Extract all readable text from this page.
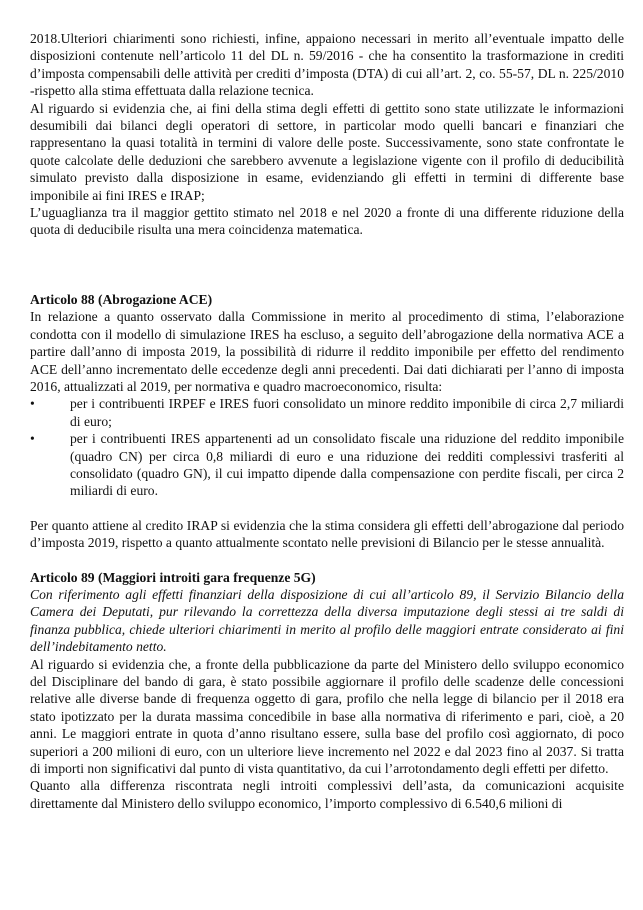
2018.Ulteriori chiarimenti sono richiesti, infine, appaiono necessari in merito all’eventuale impatto delle disposizioni contenute nell’articolo 11 del DL n. 59/2016 - che ha consentito la trasformazione in crediti d’imposta compensabili delle attività per crediti d’imposta (DTA) di cui all’art. 2, co. 55-57, DL n. 225/2010 -rispetto alla stima effettuata dalla relazione tecnica.

Al riguardo si evidenzia che, ai fini della stima degli effetti di gettito sono state utilizzate le informazioni desumibili dai bilanci degli operatori di settore, in particolar modo quelli bancari e finanziari che rappresentano la quasi totalità in termini di valore delle poste. Successivamente, sono state confrontate le quote calcolate delle deduzioni che sarebbero avvenute a legislazione vigente con il profilo di deducibilità simulato previsto dalla disposizione in esame, evidenziando gli effetti in termini di differente base imponibile ai fini IRES e IRAP;

L’uguaglianza tra il maggior gettito stimato nel 2018 e nel 2020 a fronte di una differente riduzione della quota di deducibile risulta una mera coincidenza matematica.

Articolo 88 (Abrogazione ACE)

In relazione a quanto osservato dalla Commissione in merito al procedimento di stima, l’elaborazione condotta con il modello di simulazione IRES ha escluso, a seguito dell’abrogazione della normativa ACE a partire dall’anno di imposta 2019, la possibilità di ridurre il reddito imponibile per effetto del rendimento ACE dell’anno incrementato delle eccedenze degli anni precedenti. Dai dati dichiarati per l’anno di imposta 2016, attualizzati al 2019, per normativa e quadro macroeconomico, risulta:

•	per i contribuenti IRPEF e IRES fuori consolidato un minore reddito imponibile di circa 2,7 miliardi di euro;
•	per i contribuenti IRES appartenenti ad un consolidato fiscale una riduzione del reddito imponibile (quadro CN) per circa 0,8 miliardi di euro e una riduzione dei redditi complessivi trasferiti al consolidato (quadro GN), il cui impatto dipende dalla compensazione con perdite fiscali, per circa 2 miliardi di euro.

Per quanto attiene al credito IRAP si evidenzia che la stima considera gli effetti dell’abrogazione dal periodo d’imposta 2019, rispetto a quanto attualmente scontato nelle previsioni di Bilancio per le stesse annualità.

Articolo 89 (Maggiori introiti gara frequenze 5G)

Con riferimento agli effetti finanziari della disposizione di cui all’articolo 89, il Servizio Bilancio della Camera dei Deputati, pur rilevando la correttezza della diversa imputazione degli stessi ai tre saldi di finanza pubblica, chiede ulteriori chiarimenti in merito al profilo delle maggiori entrate considerato ai fini dell’indebitamento netto.

Al riguardo si evidenzia che, a fronte della pubblicazione da parte del Ministero dello sviluppo economico del Disciplinare del bando di gara, è stato possibile aggiornare il profilo delle scadenze delle concessioni relative alle diverse bande di frequenza oggetto di gara, profilo che nella legge di bilancio per il 2018 era stato ipotizzato per la durata massima concedibile in base alla normativa di riferimento e pari, cioè, a 20 anni. Le maggiori entrate in quota d’anno risultano essere, sulla base del profilo così aggiornato, di poco superiori a 200 milioni di euro, con un ulteriore lieve incremento nel 2022 e dal 2023 fino al 2037. Si tratta di importi non significativi dal punto di vista quantitativo, da cui l’arrotondamento degli effetti per difetto.

Quanto alla differenza riscontrata negli introiti complessivi dell’asta, da comunicazioni acquisite direttamente dal Ministero dello sviluppo economico, l’importo complessivo di 6.540,6 milioni di
